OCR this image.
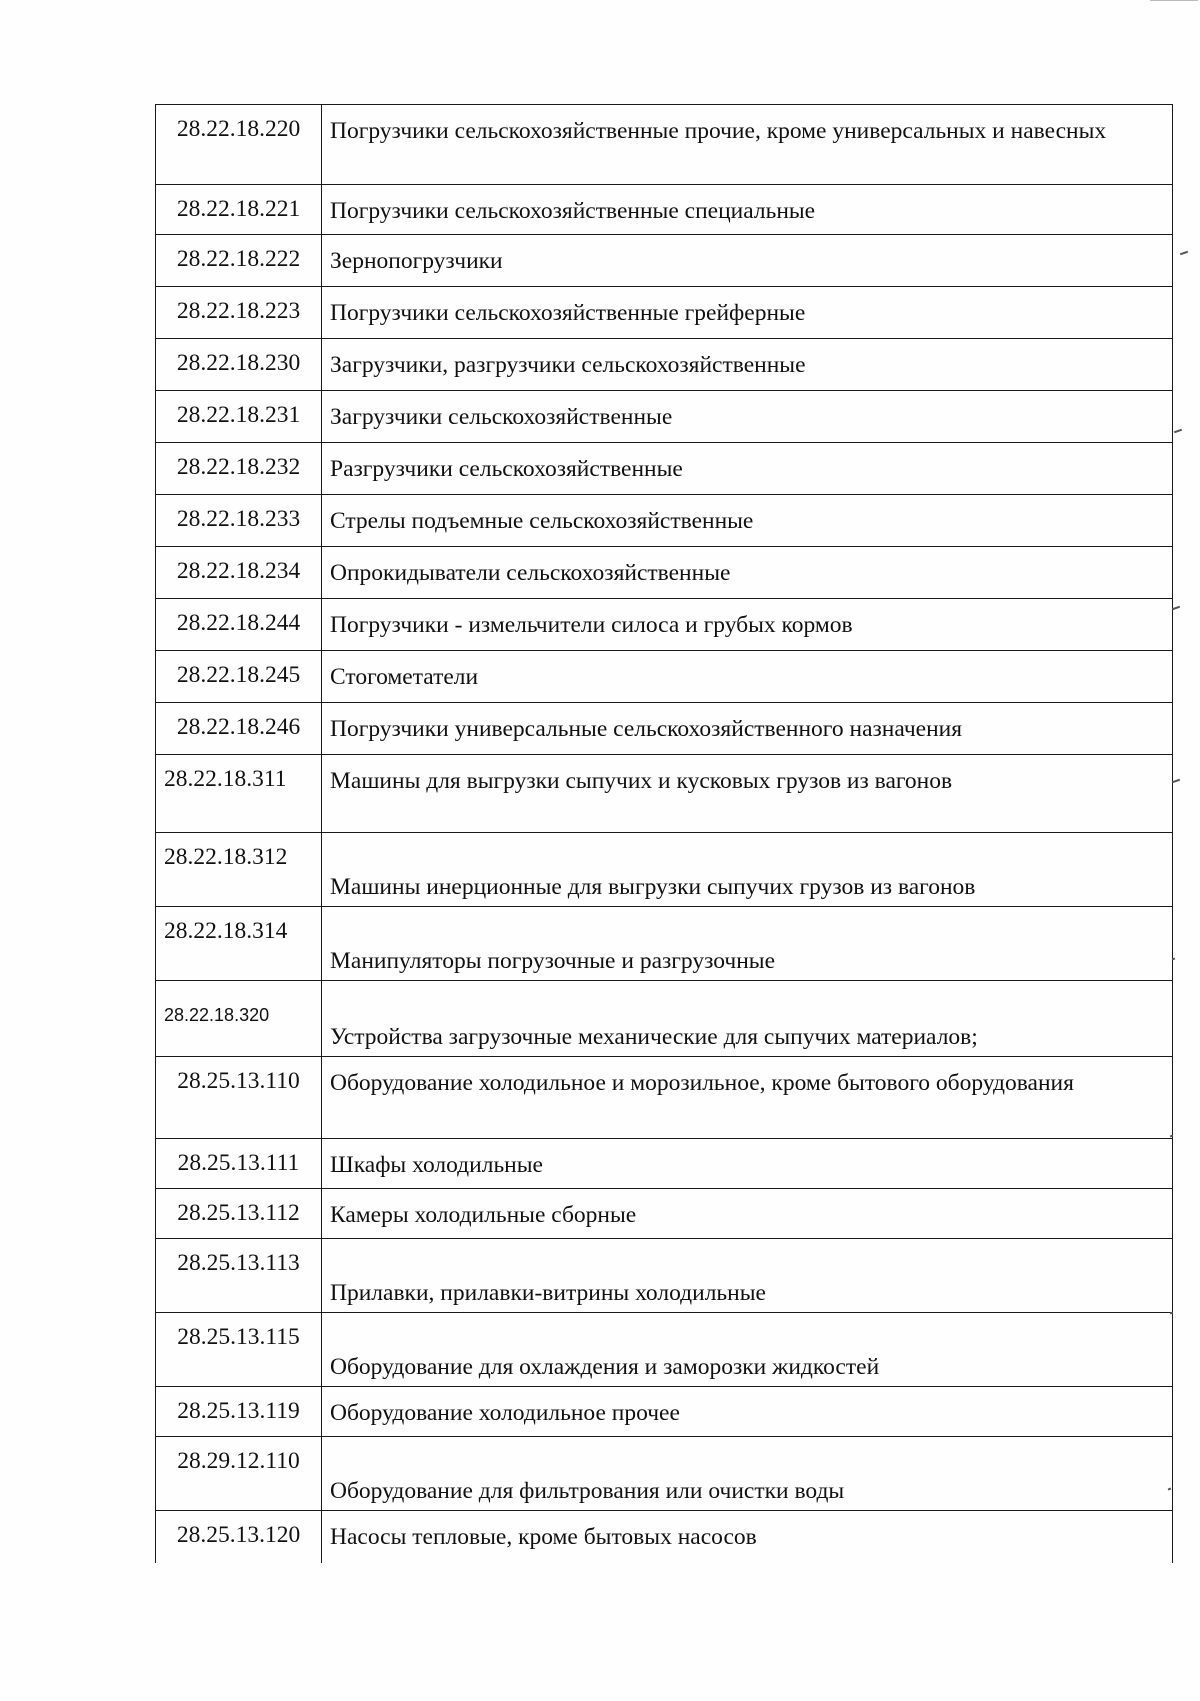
28.22.18.220	Погрузчики сельскохозяйственные прочие, кроме универсальных и навесных
28.22.18.221	Погрузчики сельскохозяйственные специальные
28.22.18.222	Зернопогрузчики
28.22.18.223	Погрузчики сельскохозяйственные грейферные
28.22.18.230	Загрузчики, разгрузчики сельскохозяйственные
28.22.18.231	Загрузчики сельскохозяйственные
28.22.18.232	Разгрузчики сельскохозяйственные
28.22.18.233	Стрелы подъемные сельскохозяйственные
28.22.18.234	Опрокидыватели сельскохозяйственные
28.22.18.244	Погрузчики - измельчители силоса и грубых кормов
28.22.18.245	Стогометатели
28.22.18.246	Погрузчики универсальные сельскохозяйственного назначения
28.22.18.311	Машины для выгрузки сыпучих и кусковых грузов из вагонов
28.22.18.312	Машины инерционные для выгрузки сыпучих грузов из вагонов
28.22.18.314	Манипуляторы погрузочные и разгрузочные
28.22.18.320	Устройства загрузочные механические для сыпучих материалов;
28.25.13.110	Оборудование холодильное и морозильное, кроме бытового оборудования
28.25.13.111	Шкафы холодильные
28.25.13.112	Камеры холодильные сборные
28.25.13.113	Прилавки, прилавки-витрины холодильные
28.25.13.115	Оборудование для охлаждения и заморозки жидкостей
28.25.13.119	Оборудование холодильное прочее
28.29.12.110	Оборудование для фильтрования или очистки воды
28.25.13.120	Насосы тепловые, кроме бытовых насосов
